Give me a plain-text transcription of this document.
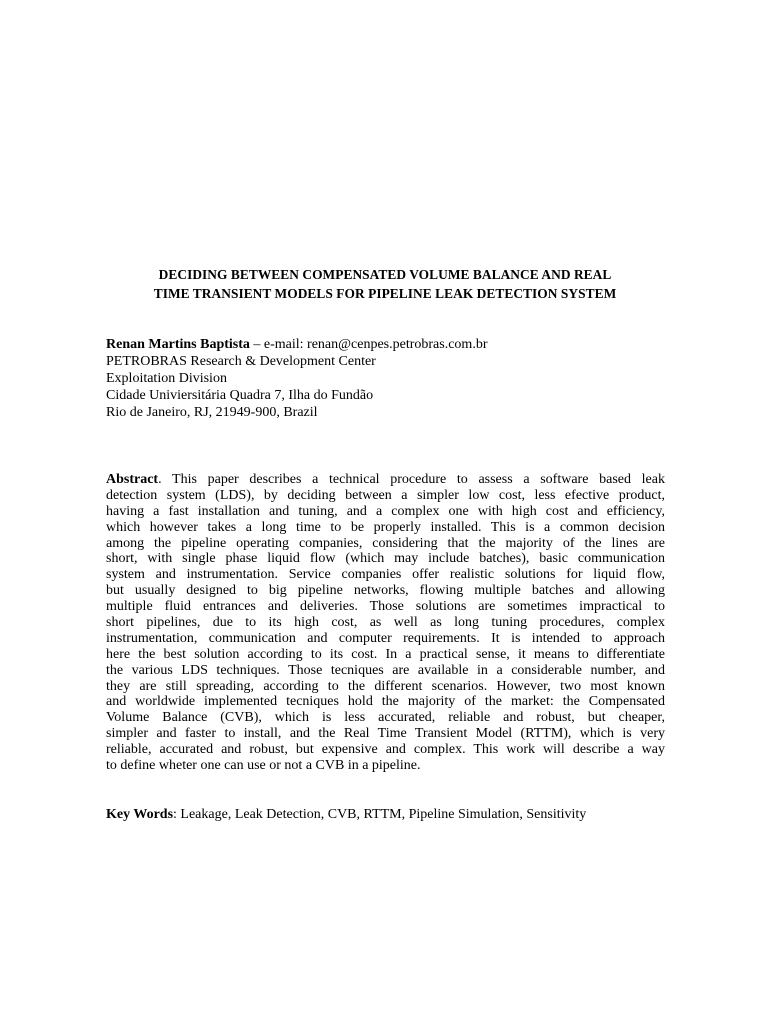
DECIDING BETWEEN COMPENSATED VOLUME BALANCE AND REAL
TIME TRANSIENT MODELS FOR PIPELINE LEAK DETECTION SYSTEM
Renan Martins Baptista – e-mail: renan@cenpes.petrobras.com.br
PETROBRAS Research & Development Center
Exploitation Division
Cidade Univiersitária Quadra 7, Ilha do Fundão
Rio de Janeiro, RJ, 21949-900, Brazil
Abstract. This paper describes a technical procedure to assess a software based leak
detection system (LDS), by deciding between a simpler low cost, less efective product,
having a fast installation and tuning, and a complex one with high cost and efficiency,
which however takes a long time to be properly installed. This is a common decision
among the pipeline operating companies, considering that the majority of the lines are
short, with single phase liquid flow (which may include batches), basic communication
system and instrumentation. Service companies offer realistic solutions for liquid flow,
but usually designed to big pipeline networks, flowing multiple batches and allowing
multiple fluid entrances and deliveries. Those solutions are sometimes impractical to
short pipelines, due to its high cost, as well as long tuning procedures, complex
instrumentation, communication and computer requirements. It is intended to approach
here the best solution according to its cost. In a practical sense, it means to differentiate
the various LDS techniques. Those tecniques are available in a considerable number, and
they are still spreading, according to the different scenarios. However, two most known
and worldwide implemented tecniques hold the majority of the market: the Compensated
Volume Balance (CVB), which is less accurated, reliable and robust, but cheaper,
simpler and faster to install, and the Real Time Transient Model (RTTM), which is very
reliable, accurated and robust, but expensive and complex. This work will describe a way
to define wheter one can use or not a CVB in a pipeline.
Key Words: Leakage, Leak Detection, CVB, RTTM, Pipeline Simulation, Sensitivity
